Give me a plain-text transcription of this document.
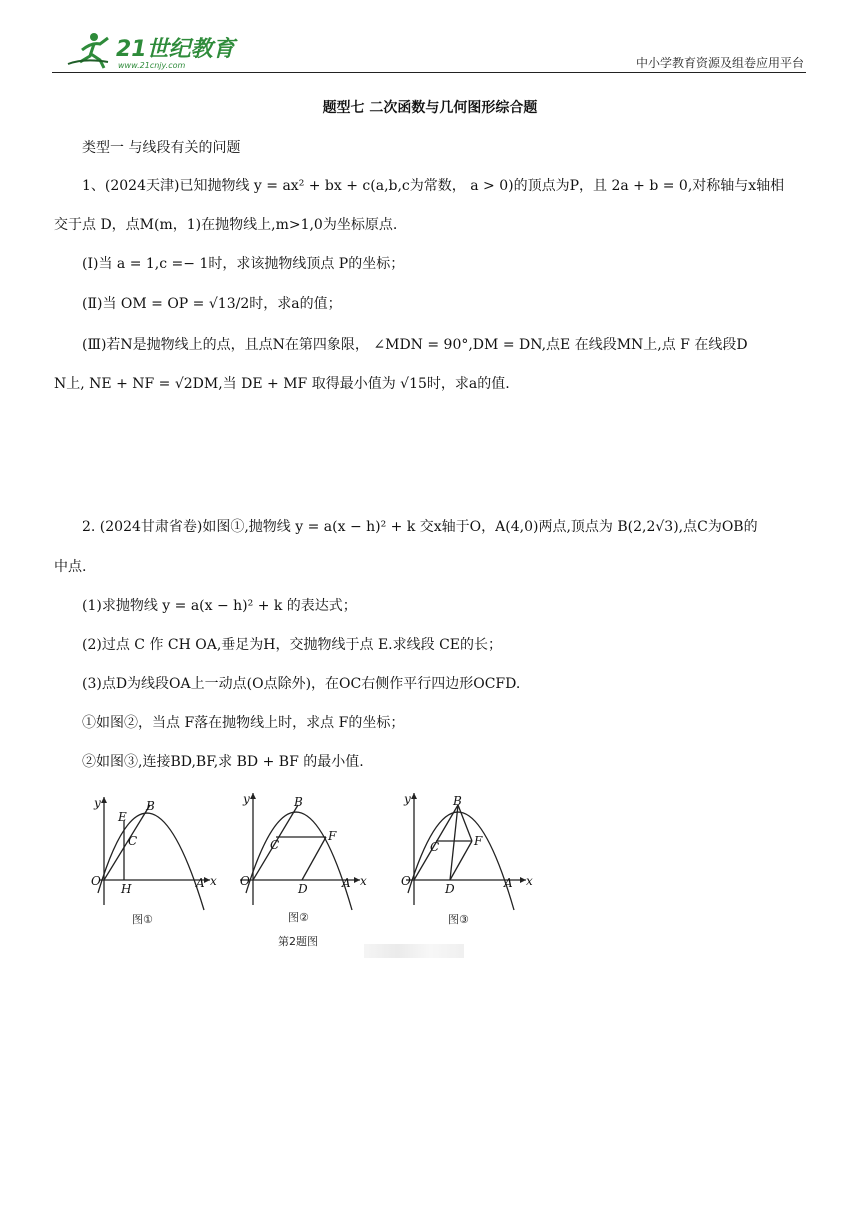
21世纪教育
www.21cnjy.com	中小学教育资源及组卷应用平台
题型七 二次函数与几何图形综合题
类型一 与线段有关的问题
1、(2024天津)已知抛物线 y = ax² + bx + c(a,b,c为常数， a > 0)的顶点为P，且 2a + b = 0,对称轴与x轴相
交于点 D，点M(m，1)在抛物线上,m>1,0为坐标原点.
(Ⅰ)当 a = 1,c =− 1时，求该抛物线顶点 P的坐标；
(Ⅱ)当 OM = OP = √13/2时，求a的值；
(Ⅲ)若N是抛物线上的点，且点N在第四象限， ∠MDN = 90°,DM = DN,点E 在线段MN上,点 F 在线段D
N上, NE + NF = √2DM,当 DE + MF 取得最小值为 √15时，求a的值.
2. (2024甘肃省卷)如图①,抛物线 y = a(x − h)² + k 交x轴于O，A(4,0)两点,顶点为 B(2,2√3),点C为OB的
中点.
(1)求抛物线 y = a(x − h)² + k 的表达式；
(2)过点 C 作 CH OA,垂足为H，交抛物线于点 E.求线段 CE的长；
(3)点D为线段OA上一动点(O点除外)，在OC右侧作平行四边形OCFD.
①如图②，当点 F落在抛物线上时，求点 F的坐标；
②如图③,连接BD,BF,求 BD + BF 的最小值.
y
x
O	A
B
C
E
H
y
x
O	A
B
C
F
D
y
x
O	A
B
C	F
D
图①	图②	图③
第2题图
